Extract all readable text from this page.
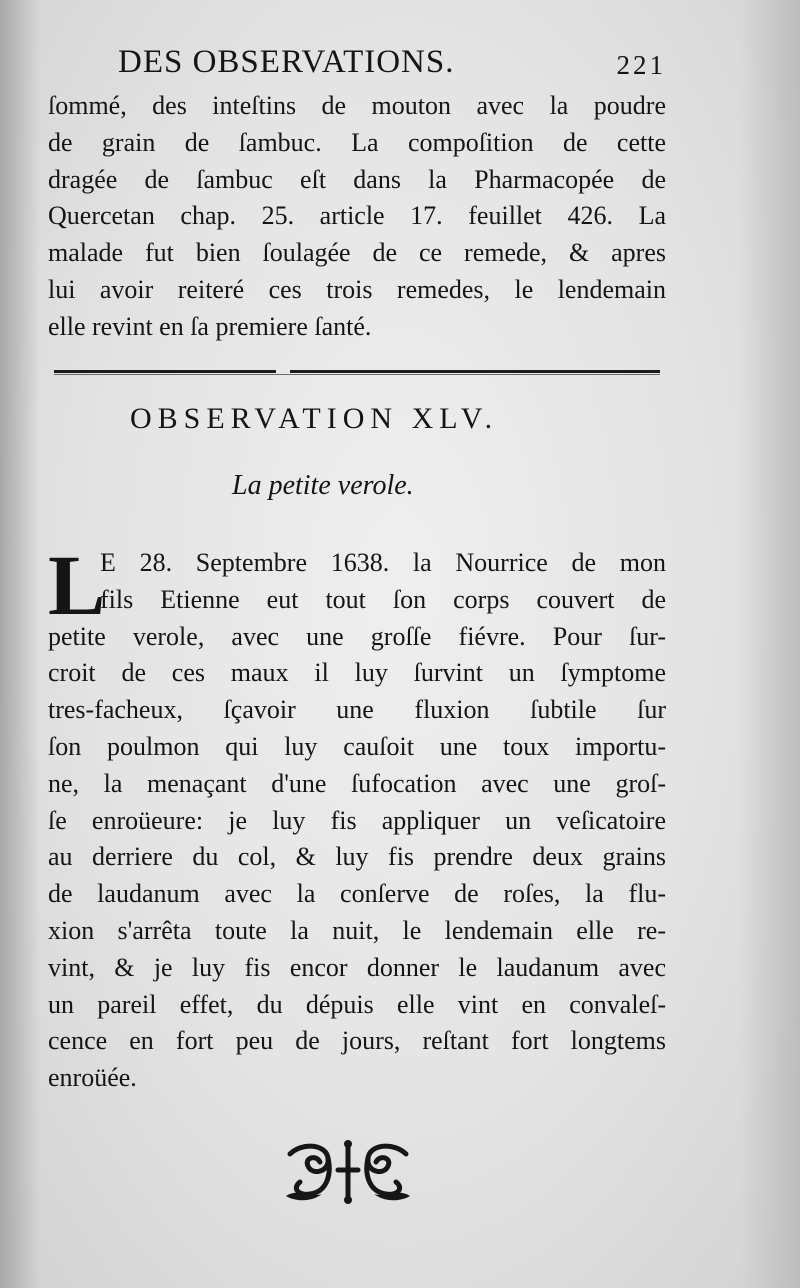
DES OBSERVATIONS.	221
ſommé, des inteſtins de mouton avec la poudre
de grain de ſambuc. La compoſition de cette
dragée de ſambuc eſt dans la Pharmacopée de
Quercetan chap. 25. article 17. feuillet 426. La
malade fut bien ſoulagée de ce remede, & apres
lui avoir reiteré ces trois remedes, le lendemain
elle revint en ſa premiere ſanté.
OBSERVATION XLV.
La petite verole.
L
E 28. Septembre 1638. la Nourrice de mon
fils Etienne eut tout ſon corps couvert de
petite verole, avec une groſſe fiévre. Pour ſur-
croit de ces maux il luy ſurvint un ſymptome
tres-facheux, ſçavoir une fluxion ſubtile ſur
ſon poulmon qui luy cauſoit une toux importu-
ne, la menaçant d'une ſufocation avec une groſ-
ſe enroüeure: je luy fis appliquer un veſicatoire
au derriere du col, & luy fis prendre deux grains
de laudanum avec la conſerve de roſes, la flu-
xion s'arrêta toute la nuit, le lendemain elle re-
vint, & je luy fis encor donner le laudanum avec
un pareil effet, du dépuis elle vint en convaleſ-
cence en fort peu de jours, reſtant fort longtems
enroüée.
